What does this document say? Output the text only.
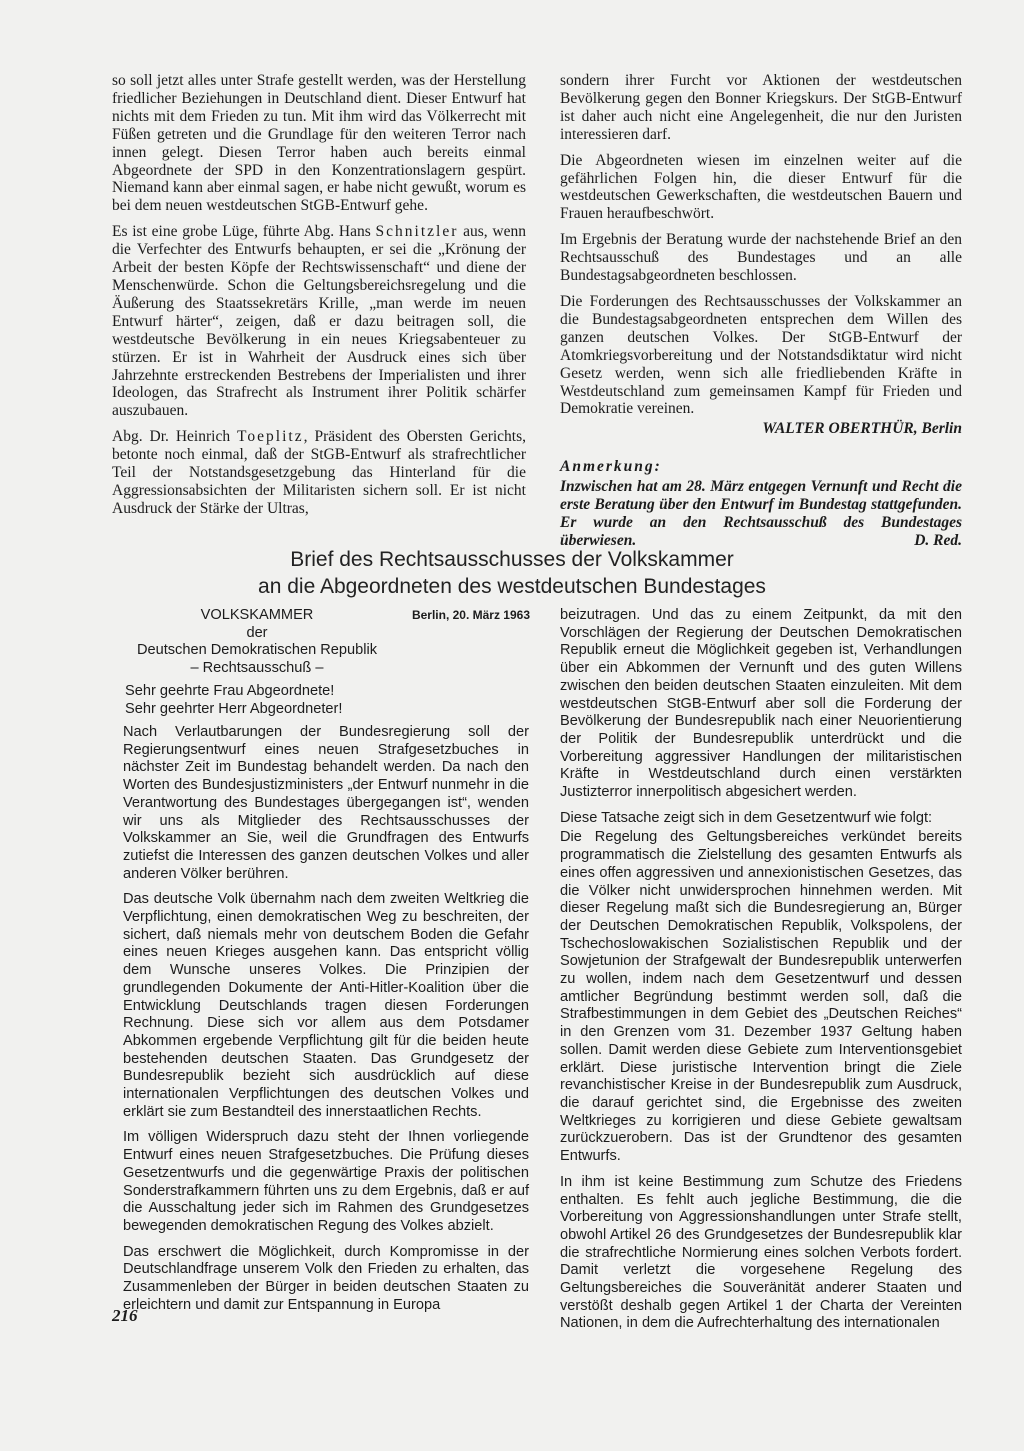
so soll jetzt alles unter Strafe gestellt werden, was der Herstellung friedlicher Beziehungen in Deutschland dient. Dieser Entwurf hat nichts mit dem Frieden zu tun. Mit ihm wird das Völkerrecht mit Füßen getreten und die Grundlage für den weiteren Terror nach innen gelegt. Diesen Terror haben auch bereits einmal Abgeordnete der SPD in den Konzentrationslagern gespürt. Niemand kann aber einmal sagen, er habe nicht gewußt, worum es bei dem neuen westdeutschen StGB-Entwurf gehe.

Es ist eine grobe Lüge, führte Abg. Hans Schnitzler aus, wenn die Verfechter des Entwurfs behaupten, er sei die „Krönung der Arbeit der besten Köpfe der Rechtswissenschaft“ und diene der Menschenwürde. Schon die Geltungsbereichsregelung und die Äußerung des Staatssekretärs Krille, „man werde im neuen Entwurf härter“, zeigen, daß er dazu beitragen soll, die westdeutsche Bevölkerung in ein neues Kriegsabenteuer zu stürzen. Er ist in Wahrheit der Ausdruck eines sich über Jahrzehnte erstreckenden Bestrebens der Imperialisten und ihrer Ideologen, das Strafrecht als Instrument ihrer Politik schärfer auszubauen.

Abg. Dr. Heinrich Toeplitz, Präsident des Obersten Gerichts, betonte noch einmal, daß der StGB-Entwurf als strafrechtlicher Teil der Notstandsgesetzgebung das Hinterland für die Aggressionsabsichten der Militaristen sichern soll. Er ist nicht Ausdruck der Stärke der Ultras,

sondern ihrer Furcht vor Aktionen der westdeutschen Bevölkerung gegen den Bonner Kriegskurs. Der StGB-Entwurf ist daher auch nicht eine Angelegenheit, die nur den Juristen interessieren darf.

Die Abgeordneten wiesen im einzelnen weiter auf die gefährlichen Folgen hin, die dieser Entwurf für die westdeutschen Gewerkschaften, die westdeutschen Bauern und Frauen heraufbeschwört.

Im Ergebnis der Beratung wurde der nachstehende Brief an den Rechtsausschuß des Bundestages und an alle Bundestagsabgeordneten beschlossen.

Die Forderungen des Rechtsausschusses der Volkskammer an die Bundestagsabgeordneten entsprechen dem Willen des ganzen deutschen Volkes. Der StGB-Entwurf der Atomkriegsvorbereitung und der Notstandsdiktatur wird nicht Gesetz werden, wenn sich alle friedliebenden Kräfte in Westdeutschland zum gemeinsamen Kampf für Frieden und Demokratie vereinen.

WALTER OBERTHÜR, Berlin

Anmerkung:

Inzwischen hat am 28. März entgegen Vernunft und Recht die erste Beratung über den Entwurf im Bundestag stattgefunden. Er wurde an den Rechtsausschuß des Bundestages überwiesen.	D. Red.

Brief des Rechtsausschusses der Volkskammer
an die Abgeordneten des westdeutschen Bundestages
VOLKSKAMMER
der
Deutschen Demokratischen Republik
– Rechtsausschuß –
Berlin, 20. März 1963
Sehr geehrte Frau Abgeordnete!
Sehr geehrter Herr Abgeordneter!

Nach Verlautbarungen der Bundesregierung soll der Regierungsentwurf eines neuen Strafgesetzbuches in nächster Zeit im Bundestag behandelt werden. Da nach den Worten des Bundesjustizministers „der Entwurf nunmehr in die Verantwortung des Bundestages übergegangen ist“, wenden wir uns als Mitglieder des Rechtsausschusses der Volkskammer an Sie, weil die Grundfragen des Entwurfs zutiefst die Interessen des ganzen deutschen Volkes und aller anderen Völker berühren.

Das deutsche Volk übernahm nach dem zweiten Weltkrieg die Verpflichtung, einen demokratischen Weg zu beschreiten, der sichert, daß niemals mehr von deutschem Boden die Gefahr eines neuen Krieges ausgehen kann. Das entspricht völlig dem Wunsche unseres Volkes. Die Prinzipien der grundlegenden Dokumente der Anti-Hitler-Koalition über die Entwicklung Deutschlands tragen diesen Forderungen Rechnung. Diese sich vor allem aus dem Potsdamer Abkommen ergebende Verpflichtung gilt für die beiden heute bestehenden deutschen Staaten. Das Grundgesetz der Bundesrepublik bezieht sich ausdrücklich auf diese internationalen Verpflichtungen des deutschen Volkes und erklärt sie zum Bestandteil des innerstaatlichen Rechts.

Im völligen Widerspruch dazu steht der Ihnen vorliegende Entwurf eines neuen Strafgesetzbuches. Die Prüfung dieses Gesetzentwurfs und die gegenwärtige Praxis der politischen Sonderstrafkammern führten uns zu dem Ergebnis, daß er auf die Ausschaltung jeder sich im Rahmen des Grundgesetzes bewegenden demokratischen Regung des Volkes abzielt.

Das erschwert die Möglichkeit, durch Kompromisse in der Deutschlandfrage unserem Volk den Frieden zu erhalten, das Zusammenleben der Bürger in beiden deutschen Staaten zu erleichtern und damit zur Entspannung in Europa

beizutragen. Und das zu einem Zeitpunkt, da mit den Vorschlägen der Regierung der Deutschen Demokratischen Republik erneut die Möglichkeit gegeben ist, Verhandlungen über ein Abkommen der Vernunft und des guten Willens zwischen den beiden deutschen Staaten einzuleiten. Mit dem westdeutschen StGB-Entwurf aber soll die Forderung der Bevölkerung der Bundesrepublik nach einer Neuorientierung der Politik der Bundesrepublik unterdrückt und die Vorbereitung aggressiver Handlungen der militaristischen Kräfte in Westdeutschland durch einen verstärkten Justizterror innerpolitisch abgesichert werden.

Diese Tatsache zeigt sich in dem Gesetzentwurf wie folgt:

Die Regelung des Geltungsbereiches verkündet bereits programmatisch die Zielstellung des gesamten Entwurfs als eines offen aggressiven und annexionistischen Gesetzes, das die Völker nicht unwidersprochen hinnehmen werden. Mit dieser Regelung maßt sich die Bundesregierung an, Bürger der Deutschen Demokratischen Republik, Volkspolens, der Tschechoslowakischen Sozialistischen Republik und der Sowjetunion der Strafgewalt der Bundesrepublik unterwerfen zu wollen, indem nach dem Gesetzentwurf und dessen amtlicher Begründung bestimmt werden soll, daß die Strafbestimmungen in dem Gebiet des „Deutschen Reiches“ in den Grenzen vom 31. Dezember 1937 Geltung haben sollen. Damit werden diese Gebiete zum Interventionsgebiet erklärt. Diese juristische Intervention bringt die Ziele revanchistischer Kreise in der Bundesrepublik zum Ausdruck, die darauf gerichtet sind, die Ergebnisse des zweiten Weltkrieges zu korrigieren und diese Gebiete gewaltsam zurückzuerobern. Das ist der Grundtenor des gesamten Entwurfs.

In ihm ist keine Bestimmung zum Schutze des Friedens enthalten. Es fehlt auch jegliche Bestimmung, die die Vorbereitung von Aggressionshandlungen unter Strafe stellt, obwohl Artikel 26 des Grundgesetzes der Bundesrepublik klar die strafrechtliche Normierung eines solchen Verbots fordert. Damit verletzt die vorgesehene Regelung des Geltungsbereiches die Souveränität anderer Staaten und verstößt deshalb gegen Artikel 1 der Charta der Vereinten Nationen, in dem die Aufrechterhaltung des internationalen

216
